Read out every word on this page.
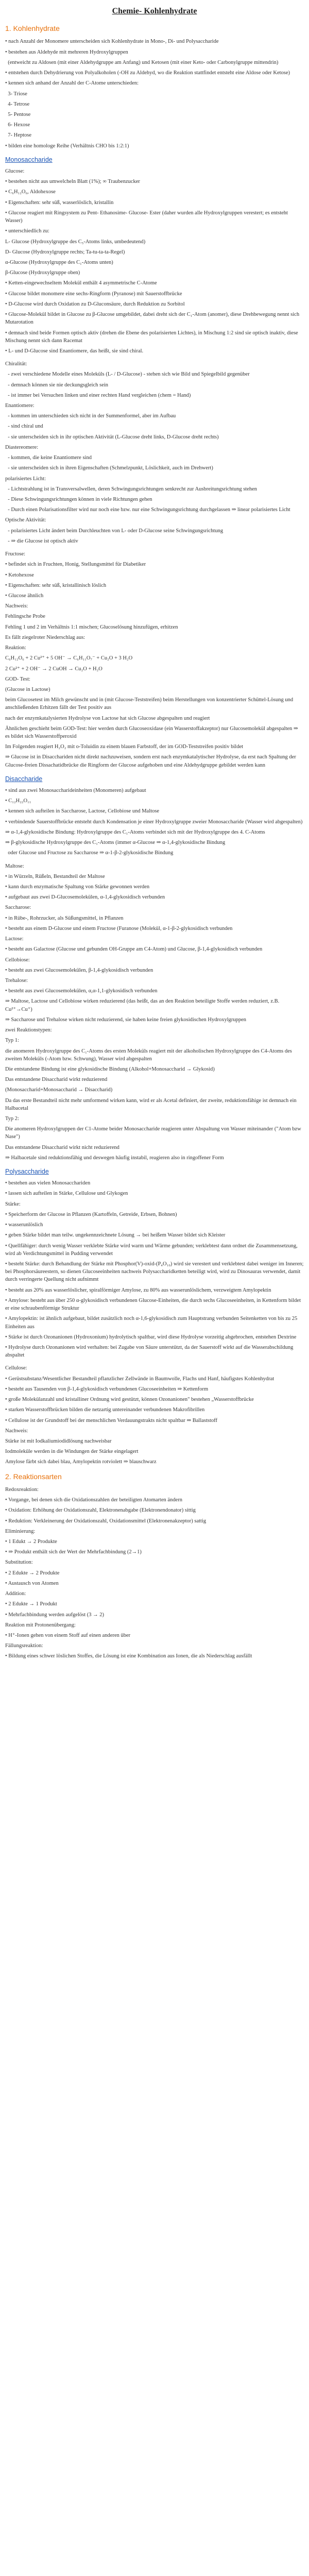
Chemie- Kohlenhydrate
1. Kohlenhydrate

• nach Anzahl der Monomere unterscheiden sich Kohlenhydrate in Mono-, Di- und Polysaccharide

• bestehen aus Aldehyde mit mehreren Hydroxylgruppen

(entweicht zu Aldosen (mit einer Aldehydgruppe am Anfang) und Ketosen (mit einer Keto- oder Carbonylgruppe mittendrin)

• entstehen durch Dehydrierung von Polyalkoholen (-OH zu Aldehyd, wo die Reaktion stattfindet entsteht eine Aldose oder Ketose)

• kennen sich anhand der Anzahl der C-Atome unterschieden:

3- Triose

4- Tetrose

5- Pentose

6- Hexose

7- Heptose

• bilden eine homologe Reihe (Verhältnis CHO bis 1:2:1)

Monosaccharide

Glucose:

• bestehen nicht aus umwelcheln Blatt (1%); ∞ Traubenzucker

• C₆H₁₂O₆, Aldohexose

• Eigenschaften: sehr süß, wasserlöslich, kristallin

• Glucose reagiert mit Ringsystem zu Pent- Ethanosime- Glucose- Ester (daher wurden alle Hydroxylgruppen verestert; es entsteht Wasser)

• unterschiedlich zu:

L- Glucose (Hydroxylgruppe des C₅-Atoms links, umbedeutend)

D- Glucose (Hydroxylgruppe rechts; Ta-tu-ta-ta-Regel)

α-Glucose (Hydroxylgruppe des C₁-Atoms unten)

β-Glucose (Hydroxylgruppe oben)

• Ketten-eingewechseltem Molekül enthält 4 asymmetrische C-Atome

• Glucose bildet monomere eine sechs-Ringform (Pyranose) mit Sauerstoffbrücke

• D-Glucose wird durch Oxidation zu D-Gluconsäure, durch Reduktion zu Sorbitol

• Glucose-Molekül bildet in Glucose zu β-Glucose umgebildet, dabei dreht sich der C₁-Atom (anomer), diese Drehbewegung nennt sich Mutarotation

• demnach sind beide Formen optisch aktiv (drehen die Ebene des polarisierten Lichtes), in Mischung 1:2 sind sie optisch inaktiv, diese Mischung nennt sich dann Racemat

• L- und D-Glucose sind Enantiomere, das heißt, sie sind chiral.

Chiralität:

- zwei verschiedene Modelle eines Moleküls (L- / D-Glucose) - stehen sich wie Bild und Spiegelbild gegenüber

- demnach können sie nie deckungsgleich sein

- ist immer bei Versuchen linken und einer rechten Hand vergleichen (chem = Hand)

Enantiomere:

- kommen im unterschieden sich nicht in der Summenformel, aber im Aufbau

- sind chiral und

- sie unterscheiden sich in ihr optischen Aktivität (L-Glucose dreht links, D-Glucose dreht rechts)

Diastereomere:

- kommen, die keine Enantiomere sind

- sie unterscheiden sich in ihren Eigenschaften (Schmelzpunkt, Löslichkeit, auch im Drehwert)

polarisiertes Licht:

- Lichtstrahlung ist in Transversalwellen, deren Schwingungsrichtungen senkrecht zur Ausbreitungsrichtung stehen

- Diese Schwingungsrichtungen können in viele Richtungen gehen

- Durch einen Polarisationsfilter wird nur noch eine bzw. nur eine Schwingungsrichtung durchgelassen ⇒ linear polarisiertes Licht

Optische Aktivität:

- polarisiertes Licht ändert beim Durchleuchten von L- oder D-Glucose seine Schwingungsrichtung

- ⇒ die Glucose ist optisch aktiv

Fructose:

• befindet sich in Fruchten, Honig, Stellungsmittel für Diabetiker

• Ketohexose

• Eigenschaften: sehr süß, kristallinisch löslich

• Glucose ähnlich

Nachweis:

Fehlingsche Probe

Fehling 1 und 2 im Verhältnis 1:1 mischen; Glucoselösung hinzufügen, erhitzen

Es fällt ziegelroter Niederschlag aus:

Reaktion:

C₆H₁₂O₆ + 2 Cu²⁺ + 5 OH⁻ → C₆H₁₁O₇⁻ + Cu₂O + 3 H₂O

2 Cu²⁺ + 2 OH⁻ → 2 CuOH → Cu₂O + H₂O

GOD- Test:

(Glucose in Lactose)

beim Glucosetest im Milch gewünscht und in (mit Glucose-Teststreifen) beim Herstellungen von konzentrierter Schüttel-Lösung und anschließenden Erhitzen fällt der Test positiv aus

nach der enzymkatalysierten Hydrolyse von Lactose hat sich Glucose abgespalten und reagiert

Ähnlichen geschieht beim GOD-Test: hier werden durch Glucoseoxidase (ein Wasserstoffakzeptor) nur Glucosemolekül abgespalten ⇒ es bildet sich Wasserstoffperoxid

Im Folgenden reagiert H₂O₂ mit o-Toluidin zu einem blauen Farbstoff, der im GOD-Teststreifen positiv bildet

⇒ Glucose ist in Disacchariden nicht direkt nachzuweisen, sondern erst nach enzymkatalytischer Hydrolyse, da erst nach Spaltung der Glucose-freien Dissachatidbrücke die Ringform der Glucose aufgehoben und eine Aldehydgruppe gebildet werden kann

Disaccharide

• sind aus zwei Monosaccharideinheiten (Monomeren) aufgebaut

• C₁₂H₂₂O₁₁

• kennen sich aufteilen in Saccharose, Lactose, Cellobiose und Maltose

• verbindende Sauerstoffbrücke entsteht durch Kondensation je einer Hydroxylgruppe zweier Monosaccharide (Wasser wird abgespalten)

⇒ α-1,4-glykosidische Bindung: Hydroxylgruppe des C₁-Atoms verbindet sich mit der Hydroxylgruppe des 4. C-Atoms

⇒ β-glykosidische Hydroxylgruppe des C₁-Atoms (immer α-Glucose ⇒ α-1,4-glykosidische Bindung

oder Glucose und Fructose zu Saccharose ⇒ α-1-β-2-glykosidische Bindung

Maltose:

• in Würzeln, Rüßeln, Bestandteil der Maltose

• kann durch enzymatische Spaltung von Stärke gewonnen werden

• aufgebaut aus zwei D-Glucosemolekülen, α-1,4-glykosidisch verbunden

Saccharose:

• in Rübe-, Rohrzucker, als Süßungsmittel, in Pflanzen

• besteht aus einem D-Glucose und einem Fructose (Furanose (Molekül, α-1-β-2-glykosidisch verbunden

Lactose:

• besteht aus Galactose (Glucose und gebunden OH-Gruppe am C4-Atom) und Glucose, β-1,4-glykosidisch verbunden

Cellobiose:

• besteht aus zwei Glucosemolekülen, β-1,4-glykosidisch verbunden

Trehalose:

• besteht aus zwei Glucosemolekülen, α,α-1,1-glykosidisch verbunden

⇒ Maltose, Lactose und Cellobiose wirken reduzierend (das heißt, das an den Reaktion beteiligte Stoffe werden reduziert, z.B. Cu²⁺→Cu⁺)

⇒ Saccharose und Trehalose wirken nicht reduzierend, sie haben keine freien glykosidischen Hydroxylgruppen

zwei Reaktionstypen:

Typ 1:

die anomeren Hydroxylgruppe des C₁-Atoms des ersten Moleküls reagiert mit der alkoholischen Hydroxylgruppe des C4-Atoms des zweiten Moleküls (-Atom bzw. Schwung), Wasser wird abgespalten

Die entstandene Bindung ist eine glykosidische Bindung (Alkohol+Monosaccharid → Glykosid)

Das entstandene Disaccharid wirkt reduzierend

(Monosaccharid+Monosaccharid → Disaccharid)

Da das erste Bestandteil nicht mehr umformend wirken kann, wird er als Acetal definiert, der zweite, reduktionsfähige ist demnach ein Halbacetal

Typ 2:

Die anomeren Hydroxylgruppen der C1-Atome beider Monosaccharide reagieren unter Abspaltung von Wasser miteinander ("Atom bzw Nase")

Das entstandene Disaccharid wirkt nicht reduzierend

⇒ Halbacetale sind reduktionsfähig und deswegen häufig instabil, reagieren also in ringoffener Form

Polysaccharide

• bestehen aus vielen Monosacchariden

• lassen sich aufteilen in Stärke, Cellulose und Glykogen

Stärke:

• Speicherform der Glucose in Pflanzen (Kartoffeln, Getreide, Erbsen, Bohnen)

• wasserunlöslich

• geben Stärke bildet man teilw. ungekennzeichnete Lösung → bei heißem Wasser bildet sich Kleister

• Quellfähiger: durch wenig Wasser verklebte Stärke wird warm und Wärme gebunden; verklebtest dann ordnet die Zusammensetzung, wird ab Verdichtungsmittel in Pudding verwendet

• besteht Stärke: durch Behandlung der Stärke mit Phosphor(V)-oxid-(P₄O₁₀) wird sie verestert und verklebtest dabei weniger im Inneren; bei Phosphorsäureestern, so dienen Glucoseeinheiten nachweis Polysaccharidketten beteiligt wird, wird zu Dinosauras verwendet, damit durch verringerte Quellung nicht aufnimmt

• besteht aus 20% aus wasserlöslicher, spiralförmiger Amylose, zu 80% aus wasserunlöslichem, verzweigtem Amylopektin

• Amylose: besteht aus über 250 α-glykosidisch verbundenen Glucose-Einheiten, die durch sechs Glucoseeinheiten, in Kettenform bildet er eine schraubenförmige Struktur

• Amylopektin: ist ähnlich aufgebaut, bildet zusätzlich noch α-1,6-glykosidisch zum Hauptstrang verbunden Seitenketten von bis zu 25 Einheiten aus

• Stärke ist durch Ozonanionen (Hydroxonium) hydrolytisch spaltbar, wird diese Hydrolyse vorzeitig abgebrochen, entstehen Dextrine

• Hydrolyse durch Ozonanionen wird verhalten: bei Zugabe von Säure unterstützt, da der Sauerstoff wirkt auf die Wasserabschildung abspaltet

Cellulose:

• Gerüstsubstanz/Wesentlicher Bestandteil pflanzlicher Zellwände in Baumwolle, Flachs und Hanf, häufigstes Kohlenhydrat

• besteht aus Tausenden von β-1,4-glykosidisch verbundenen Glucoseeinheiten ⇒ Kettenform

• große Molekülanzahl und kristalliner Ordnung wird gestützt, können Ozonanionen" bestehen „Wasserstoffbrücke

• starken Wasserstoffbrücken bilden die netzartig untereinander verbundenen Makrofibrillen

• Cellulose ist der Grundstoff bei der menschlichen Verdauungstrakts nicht spaltbar ⇒ Ballaststoff

Nachweis:

Stärke ist mit Iodkaliumiodidlösung nachweisbar

Iodmoleküle werden in die Windungen der Stärke eingelagert

Amylose färbt sich dabei blau, Amylopektin rotviolett ⇒ blauschwarz

2. Reaktionsarten

Redoxreaktion:

• Vorgange, bei denen sich die Oxidationszahlen der beteiligten Atomarten ändern

• Oxidation: Erhöhung der Oxidationszahl, Elektronenabgabe (Elektronendonator) sittig

• Reduktion: Verkleinerung der Oxidationszahl, Oxidationsmittel (Elektronenakzeptor) sattig

Eliminierung:

• 1 Edukt → 2 Produkte

• ⇒ Produkt enthält sich der Wert der Mehrfachbindung (2→1)

Substitution:

• 2 Edukte → 2 Produkte

• Austausch von Atomen

Addition:

• 2 Edukte → 1 Produkt

• Mehrfachbindung werden aufgelöst (3 → 2)

Reaktion mit Protonenübergang:

• H⁺-Ionen gehen von einem Stoff auf einen anderen über

Fällungsreaktion:

• Bildung eines schwer löslichen Stoffes, die Lösung ist eine Kombination aus Ionen, die als Niederschlag ausfällt
